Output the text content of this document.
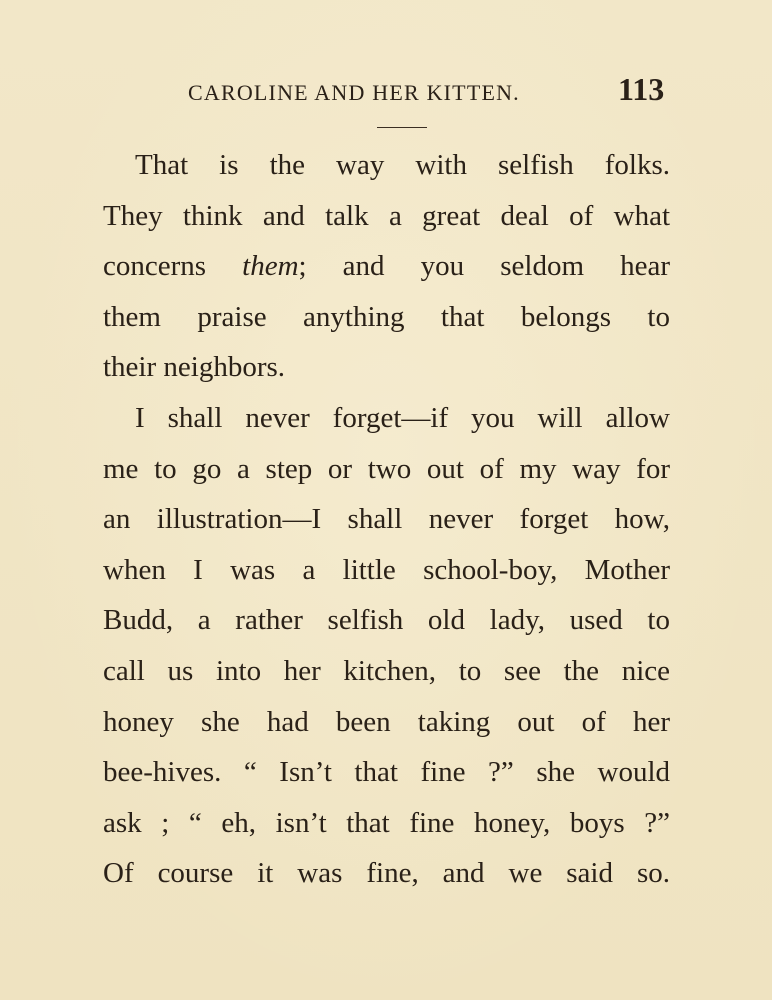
CAROLINE AND HER KITTEN.	113
That is the way with selfish folks.
They think and talk a great deal of what
concerns them; and you seldom hear
them praise anything that belongs to
their neighbors.
I shall never forget—if you will allow
me to go a step or two out of my way for
an illustration—I shall never forget how,
when I was a little school-boy, Mother
Budd, a rather selfish old lady, used to
call us into her kitchen, to see the nice
honey she had been taking out of her
bee-hives. “ Isn’t that fine ?” she would
ask ; “ eh, isn’t that fine honey, boys ?”
Of course it was fine, and we said so.
